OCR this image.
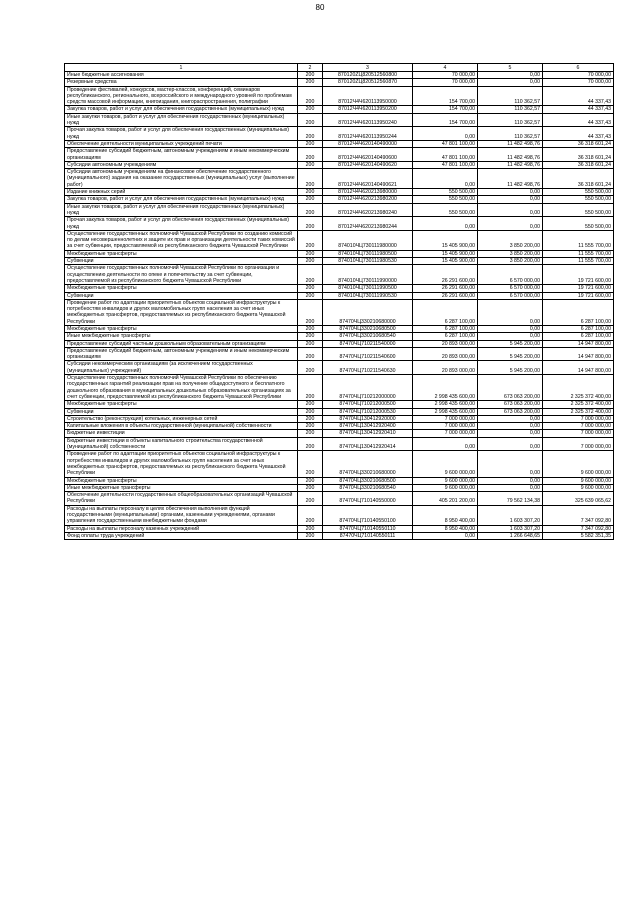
80
1	2	3	4	5	6
Иные бюджетные ассигнования	200	870120ZЦ820512560800	70 000,00	0,00	70 000,00
Резервные средства	200	870120ZЦ820512560870	70 000,00	0,00	70 000,00
Проведение фестивалей, конкурсов, мастер-классов, конференций, семинаров республиканского, регионального, всероссийского и международного уровней по проблемам средств массовой информации, книгоиздания, книгораспространения, полиграфии	200	87012Ч4Ч620113950000	154 700,00	110 362,57	44 337,43
Закупка товаров, работ и услуг для обеспечения государственных (муниципальных) нужд	200	87012Ч4Ч620113950200	154 700,00	110 362,57	44 337,43
Иные закупки товаров, работ и услуг для обеспечения государственных (муниципальных) нужд	200	87012Ч4Ч620113950240	154 700,00	110 362,57	44 337,43
Прочая закупка товаров, работ и услуг для обеспечения государственных (муниципальных) нужд	200	87012Ч4Ч620113950244	0,00	110 362,57	44 337,43
Обеспечение деятельности муниципальных учреждений печати	200	87012Ч4Ч620140490000	47 801 100,00	11 482 498,76	36 318 601,24
Предоставление субсидий бюджетным, автономным учреждениям и иным некоммерческим организациям	200	87012Ч4Ч620140490600	47 801 100,00	11 482 498,76	36 318 601,24
Субсидии автономным учреждениям	200	87012Ч4Ч620140490620	47 801 100,00	11 482 498,76	36 318 601,24
Субсидии автономным учреждениям на финансовое обеспечение государственного (муниципального) задания на оказание государственных (муниципальных) услуг (выполнение работ)	200	87012Ч4Ч620140490621	0,00	11 482 498,76	36 318 601,24
Издание книжных серий	200	87012Ч4Ч620213980000	550 500,00	0,00	550 500,00
Закупка товаров, работ и услуг для обеспечения государственных (муниципальных) нужд	200	87012Ч4Ч620213980200	550 500,00	0,00	550 500,00
Иные закупки товаров, работ и услуг для обеспечения государственных (муниципальных) нужд	200	87012Ч4Ч620213980240	550 500,00	0,00	550 500,00
Прочая закупка товаров, работ и услуг для обеспечения государственных (муниципальных) нужд	200	87012Ч4Ч620213980244	0,00	0,00	550 500,00
Осуществление государственных полномочий Чувашской Республики по созданию комиссий по делам несовершеннолетних и защите их прав и организации деятельности таких комиссий за счет субвенции, предоставляемой из республиканского бюджета Чувашской Республики	200	874010ЧЦ730111980000	15 405 900,00	3 850 200,00	11 555 700,00
Межбюджетные трансферты	200	874010ЧЦ730111980500	15 405 900,00	3 850 200,00	11 555 700,00
Субвенции	200	874010ЧЦ730111980530	15 405 900,00	3 850 200,00	11 555 700,00
Осуществление государственных полномочий Чувашской Республики по организации и осуществлению деятельности по опеке и попечительству за счет субвенции, предоставляемой из республиканского бюджета Чувашской Республики	200	874010ЧЦ730111990000	26 291 600,00	6 570 000,00	19 721 600,00
Межбюджетные трансферты	200	874010ЧЦ730111990500	26 291 600,00	6 570 000,00	19 721 600,00
Субвенции	200	874010ЧЦ730111990530	26 291 600,00	6 570 000,00	19 721 600,00
Проведение работ по адаптации приоритетных объектов социальной инфраструктуры к потребностям инвалидов и других маломобильных групп населения за счет иных межбюджетных трансфертов, предоставляемых из республиканского бюджета Чувашской Республики	200	87470ЧЦ330210680000	6 287 100,00	0,00	6 287 100,00
Межбюджетные трансферты	200	87470ЧЦ330210680500	6 287 100,00	0,00	6 287 100,00
Иные межбюджетные трансферты	200	87470ЧЦ330210680540	6 287 100,00	0,00	6 287 100,00
Предоставление субсидий частным дошкольным образовательным организациям	200	87470ЧЦ710211540000	20 893 000,00	5 945 200,00	14 947 800,00
Предоставление субсидий бюджетным, автономным учреждениям и иным некоммерческим организациям	200	87470ЧЦ710211540600	20 893 000,00	5 945 200,00	14 947 800,00
Субсидии некоммерческим организациям (за исключением государственных (муниципальных) учреждений)	200	87470ЧЦ710211540630	20 893 000,00	5 945 200,00	14 947 800,00
Осуществление государственных полномочий Чувашской Республики по обеспечению государственных гарантий реализации прав на получение общедоступного и бесплатного дошкольного образования в муниципальных дошкольных образовательных организациях за счет субвенции, предоставляемой из республиканского бюджета Чувашской Республики	200	87470ЧЦ710212000000	2 998 435 600,00	673 063 200,00	2 325 372 400,00
Межбюджетные трансферты	200	87470ЧЦ710212000500	2 998 435 600,00	673 063 200,00	2 325 372 400,00
Субвенции	200	87470ЧЦ710212000530	2 998 435 600,00	673 063 200,00	2 325 372 400,00
Строительство (реконструкция) котельных, инженерных сетей	200	87470ЧЦ130412920000	7 000 000,00	0,00	7 000 000,00
Капитальные вложения в объекты государственной (муниципальной) собственности	200	87470ЧЦ130412920400	7 000 000,00	0,00	7 000 000,00
Бюджетные инвестиции	200	87470ЧЦ130412920410	7 000 000,00	0,00	7 000 000,00
Бюджетные инвестиции в объекты капитального строительства государственной (муниципальной) собственности	200	87470ЧЦ130412920414	0,00	0,00	7 000 000,00
Проведение работ по адаптации приоритетных объектов социальной инфраструктуры к потребностям инвалидов и других маломобильных групп населения за счет иных межбюджетных трансфертов, предоставляемых из республиканского бюджета Чувашской Республики	200	87470ЧЦ330210680000	9 600 000,00	0,00	9 600 000,00
Межбюджетные трансферты	200	87470ЧЦ330210680500	9 600 000,00	0,00	9 600 000,00
Иные межбюджетные трансферты	200	87470ЧЦ330210680540	9 600 000,00	0,00	9 600 000,00
Обеспечение деятельности государственных общеобразовательных организаций Чувашской Республики	200	87470ЧЦ710140550000	405 201 200,00	79 562 134,38	325 639 065,62
Расходы на выплаты персоналу в целях обеспечения выполнения функций государственными (муниципальными) органами, казенными учреждениями, органами управления государственными внебюджетными фондами	200	87470ЧЦ710140550100	8 950 400,00	1 603 307,20	7 347 092,80
Расходы на выплаты персоналу казенных учреждений	200	87470ЧЦ710140550110	8 950 400,00	1 603 307,20	7 347 092,80
Фонд оплаты труда учреждений	200	87470ЧЦ710140550111	0,00	1 266 648,65	5 582 351,35
